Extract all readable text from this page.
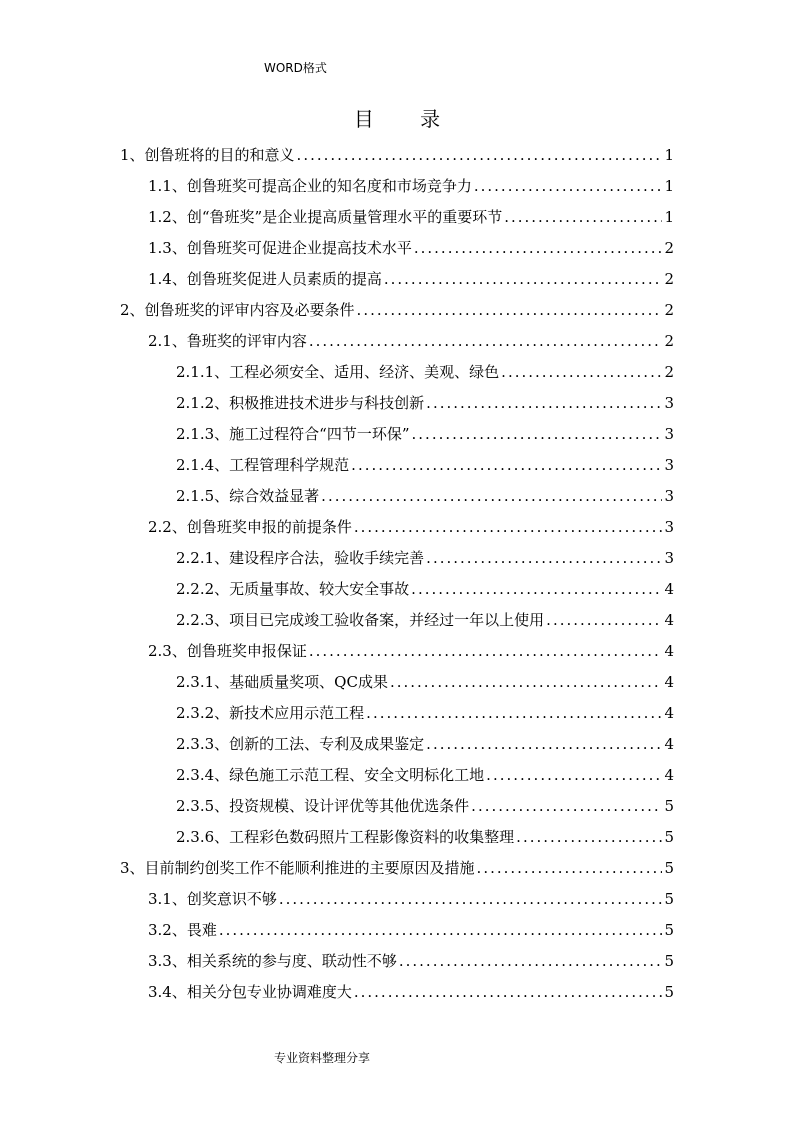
WORD格式
目 录
1、创鲁班将的目的和意义 .....	1
1.1、创鲁班奖可提高企业的知名度和市场竞争力 .....	1
1.2、创“鲁班奖”是企业提高质量管理水平的重要环节 .....	1
1.3、创鲁班奖可促进企业提高技术水平 .....	2
1.4、创鲁班奖促进人员素质的提高 .....	2
2、创鲁班奖的评审内容及必要条件 .....	2
2.1、鲁班奖的评审内容 .....	2
2.1.1、工程必须安全、适用、经济、美观、绿色 .....	2
2.1.2、积极推进技术进步与科技创新 .....	3
2.1.3、施工过程符合“四节一环保” .....	3
2.1.4、工程管理科学规范 .....	3
2.1.5、综合效益显著 .....	3
2.2、创鲁班奖申报的前提条件 .....	3
2.2.1、建设程序合法，验收手续完善 .....	3
2.2.2、无质量事故、较大安全事故 .....	4
2.2.3、项目已完成竣工验收备案，并经过一年以上使用 .....	4
2.3、创鲁班奖申报保证 .....	4
2.3.1、基础质量奖项、QC成果 .....	4
2.3.2、新技术应用示范工程 .....	4
2.3.3、创新的工法、专利及成果鉴定 .....	4
2.3.4、绿色施工示范工程、安全文明标化工地 .....	4
2.3.5、投资规模、设计评优等其他优选条件 .....	5
2.3.6、工程彩色数码照片工程影像资料的收集整理 .....	5
3、目前制约创奖工作不能顺利推进的主要原因及措施 .....	5
3.1、创奖意识不够 .....	5
3.2、畏难 .....	5
3.3、相关系统的参与度、联动性不够 .....	5
3.4、相关分包专业协调难度大 .....	5
专业资料整理分享
